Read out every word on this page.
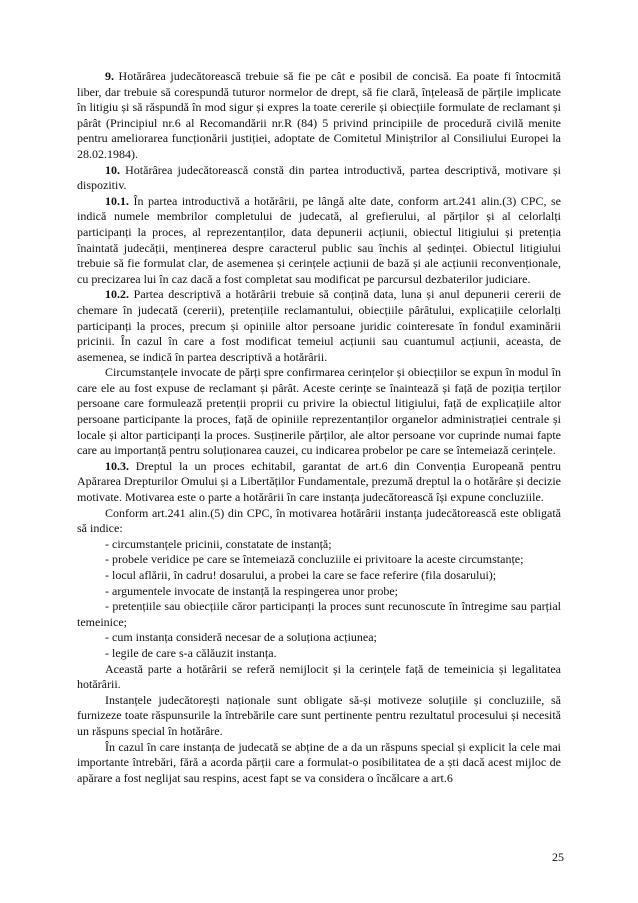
9. Hotărârea judecătorească trebuie să fie pe cât e posibil de concisă. Ea poate fi întocmită liber, dar trebuie să corespundă tuturor normelor de drept, să fie clară, înțeleasă de părțile implicate în litigiu și să răspundă în mod sigur și expres la toate cererile și obiecțiile formulate de reclamant și pârât (Principiul nr.6 al Recomandării nr.R (84) 5 privind principiile de procedură civilă menite pentru ameliorarea funcționării justiției, adoptate de Comitetul Miniștrilor al Consiliului Europei la 28.02.1984).

10. Hotărârea judecătorească constă din partea introductivă, partea descriptivă, motivare și dispozitiv.

10.1. În partea introductivă a hotărârii, pe lângă alte date, conform art.241 alin.(3) CPC, se indică numele membrilor completului de judecată, al grefierului, al părților și al celorlalți participanți la proces, al reprezentanților, data depunerii acțiunii, obiectul litigiului și pretenția înaintată judecății, menținerea despre caracterul public sau închis al ședinței. Obiectul litigiului trebuie să fie formulat clar, de asemenea și cerințele acțiunii de bază și ale acțiunii reconvenționale, cu precizarea lui în caz dacă a fost completat sau modificat pe parcursul dezbaterilor judiciare.

10.2. Partea descriptivă a hotărârii trebuie să conțină data, luna și anul depunerii cererii de chemare în judecată (cererii), pretențiile reclamantului, obiecțiile pârâtului, explicațiile celorlalți participanți la proces, precum și opiniile altor persoane juridic cointeresate în fondul examinării pricinii. În cazul în care a fost modificat temeiul acțiunii sau cuantumul acțiunii, aceasta, de asemenea, se indică în partea descriptivă a hotărârii.

Circumstanțele invocate de părți spre confirmarea cerințelor și obiecțiilor se expun în modul în care ele au fost expuse de reclamant și pârât. Aceste cerințe se înaintează și față de poziția terților persoane care formulează pretenții proprii cu privire la obiectul litigiului, față de explicațiile altor persoane participante la proces, față de opiniile reprezentanților organelor administrației centrale și locale și altor participanți la proces. Susținerile părților, ale altor persoane vor cuprinde numai fapte care au importanță pentru soluționarea cauzei, cu indicarea probelor pe care se întemeiază cerințele.

10.3. Dreptul la un proces echitabil, garantat de art.6 din Convenția Europeană pentru Apărarea Drepturilor Omului și a Libertăților Fundamentale, prezumă dreptul la o hotărâre și decizie motivate. Motivarea este o parte a hotărârii în care instanța judecătorească își expune concluziile.

Conform art.241 alin.(5) din CPC, în motivarea hotărârii instanța judecătorească este obligată să indice:

- circumstanțele pricinii, constatate de instanță;

- probele veridice pe care se întemeiază concluziile ei privitoare la aceste circumstanțe;

- locul aflării, în cadru! dosarului, a probei la care se face referire (fila dosarului);

- argumentele invocate de instanță la respingerea unor probe;

- pretențiile sau obiecțiile căror participanți la proces sunt recunoscute în întregime sau parțial temeinice;

- cum instanța consideră necesar de a soluționa acțiunea;

- legile de care s-a călăuzit instanța.

Această parte a hotărârii se referă nemijlocit și la cerințele față de temeinicia și legalitatea hotărârii.

Instanțele judecătorești naționale sunt obligate să-și motiveze soluțiile și concluziile, să furnizeze toate răspunsurile la întrebările care sunt pertinente pentru rezultatul procesului și necesită un răspuns special în hotărâre.

În cazul în care instanța de judecată se abține de a da un răspuns special și explicit la cele mai importante întrebări, fără a acorda părții care a formulat-o posibilitatea de a ști dacă acest mijloc de apărare a fost neglijat sau respins, acest fapt se va considera o încălcare a art.6

25
